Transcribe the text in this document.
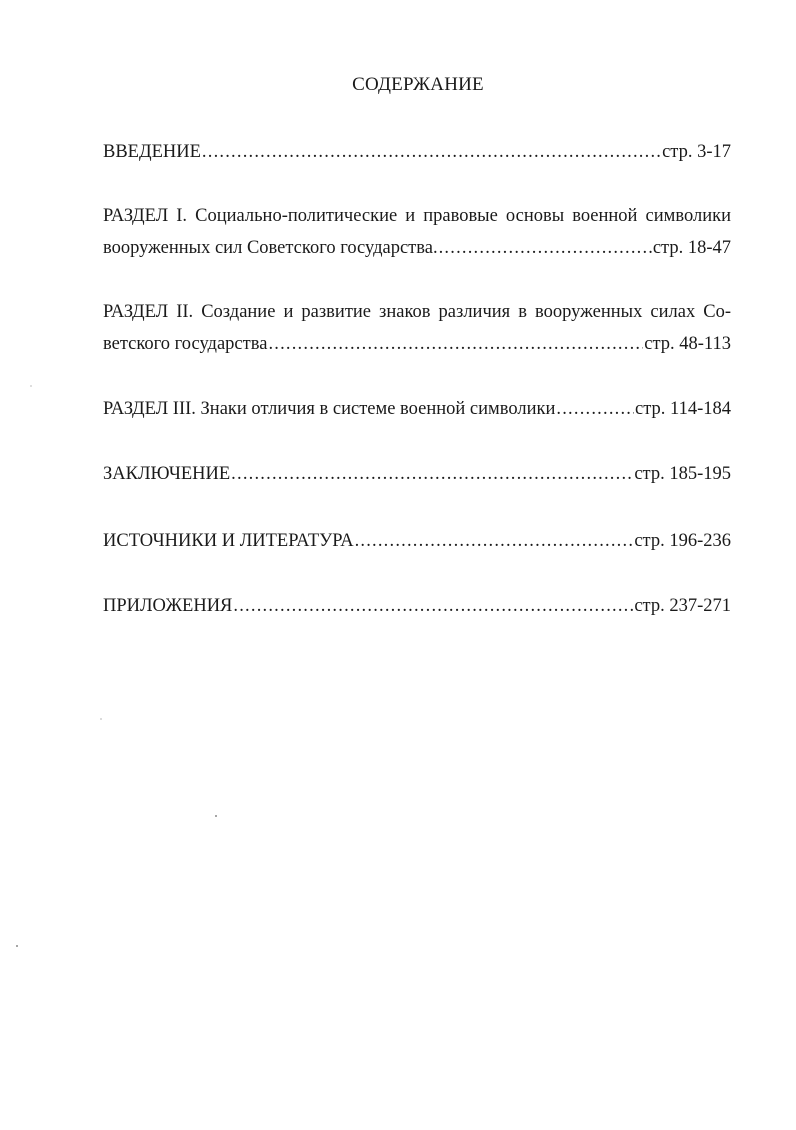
СОДЕРЖАНИЕ
ВВЕДЕНИЕ .....	стр. 3-17
РАЗДЕЛ I. Социально-политические и правовые основы военной символики
вооруженных сил Советского государства. .....	стр. 18-47
РАЗДЕЛ II. Создание и развитие знаков различия в вооруженных силах Со-
ветского государства .....	стр. 48-113
РАЗДЕЛ III. Знаки отличия в системе военной символики .....	стр. 114-184
ЗАКЛЮЧЕНИЕ .....	стр. 185-195
ИСТОЧНИКИ И ЛИТЕРАТУРА .....	стр. 196-236
ПРИЛОЖЕНИЯ .....	стр. 237-271
